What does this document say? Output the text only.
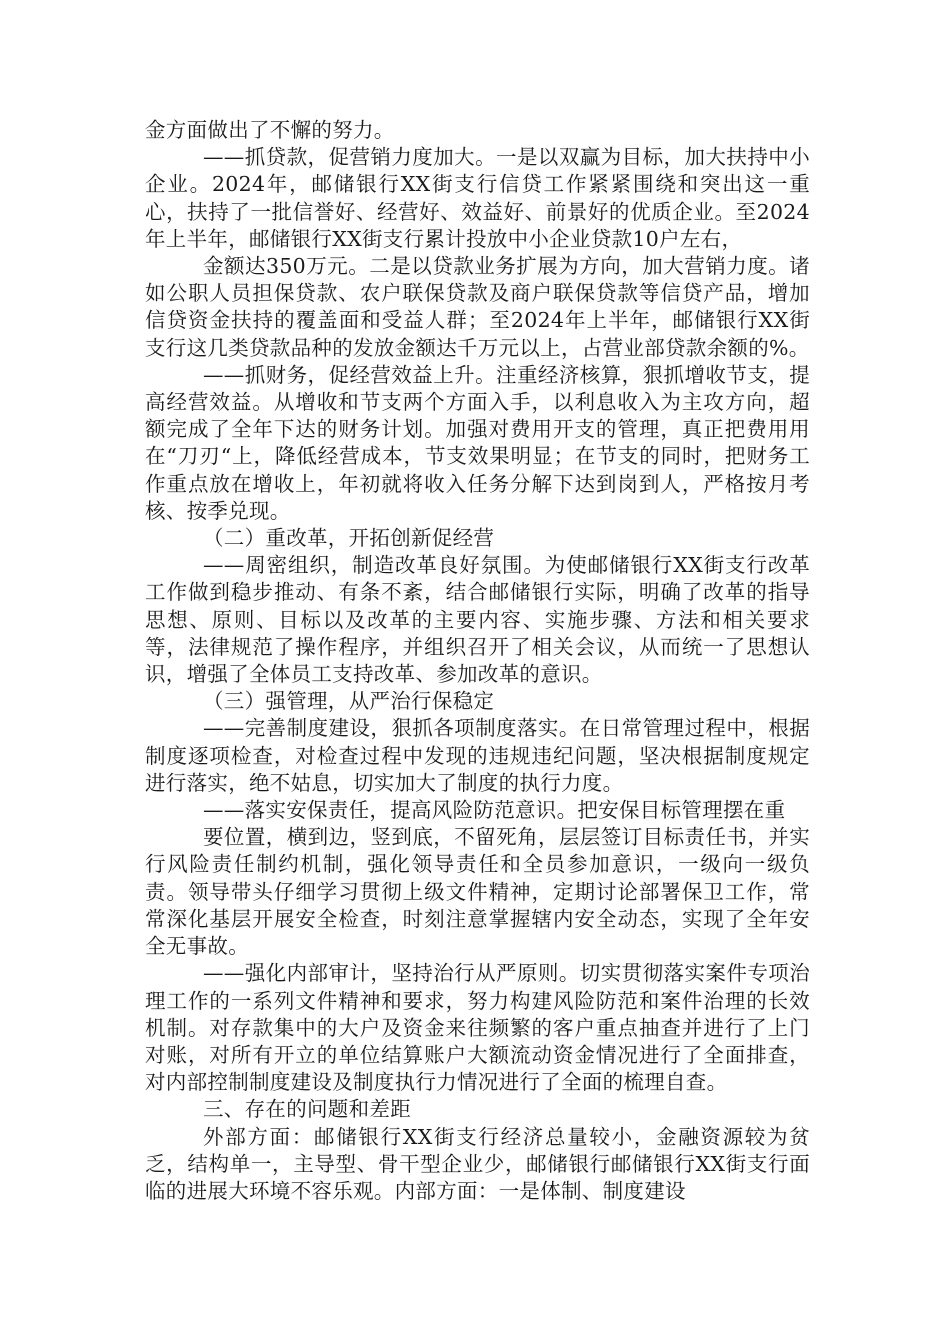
金方面做出了不懈的努力。

——抓贷款，促营销力度加大。一是以双赢为目标，加大扶持中小企业。2024年，邮储银行XX街支行信贷工作紧紧围绕和突出这一重心，扶持了一批信誉好、经营好、效益好、前景好的优质企业。至2024年上半年，邮储银行XX街支行累计投放中小企业贷款10户左右，

金额达350万元。二是以贷款业务扩展为方向，加大营销力度。诸如公职人员担保贷款、农户联保贷款及商户联保贷款等信贷产品，增加信贷资金扶持的覆盖面和受益人群；至2024年上半年，邮储银行XX街支行这几类贷款品种的发放金额达千万元以上，占营业部贷款余额的%。

——抓财务，促经营效益上升。注重经济核算，狠抓增收节支，提高经营效益。从增收和节支两个方面入手，以利息收入为主攻方向，超额完成了全年下达的财务计划。加强对费用开支的管理，真正把费用用在“刀刃“上，降低经营成本，节支效果明显；在节支的同时，把财务工作重点放在增收上，年初就将收入任务分解下达到岗到人，严格按月考核、按季兑现。

（二）重改革，开拓创新促经营

——周密组织，制造改革良好氛围。为使邮储银行XX街支行改革工作做到稳步推动、有条不紊，结合邮储银行实际，明确了改革的指导思想、原则、目标以及改革的主要内容、实施步骤、方法和相关要求等，法律规范了操作程序，并组织召开了相关会议，从而统一了思想认识，增强了全体员工支持改革、参加改革的意识。

（三）强管理，从严治行保稳定

——完善制度建设，狠抓各项制度落实。在日常管理过程中，根据制度逐项检查，对检查过程中发现的违规违纪问题，坚决根据制度规定进行落实，绝不姑息，切实加大了制度的执行力度。

——落实安保责任，提高风险防范意识。把安保目标管理摆在重

要位置，横到边，竖到底，不留死角，层层签订目标责任书，并实行风险责任制约机制，强化领导责任和全员参加意识，一级向一级负责。领导带头仔细学习贯彻上级文件精神，定期讨论部署保卫工作，常常深化基层开展安全检查，时刻注意掌握辖内安全动态，实现了全年安全无事故。

——强化内部审计，坚持治行从严原则。切实贯彻落实案件专项治理工作的一系列文件精神和要求，努力构建风险防范和案件治理的长效机制。对存款集中的大户及资金来往频繁的客户重点抽查并进行了上门对账，对所有开立的单位结算账户大额流动资金情况进行了全面排查，对内部控制制度建设及制度执行力情况进行了全面的梳理自查。

三、存在的问题和差距

外部方面：邮储银行XX街支行经济总量较小，金融资源较为贫乏，结构单一，主导型、骨干型企业少，邮储银行邮储银行XX街支行面临的进展大环境不容乐观。内部方面：一是体制、制度建设
